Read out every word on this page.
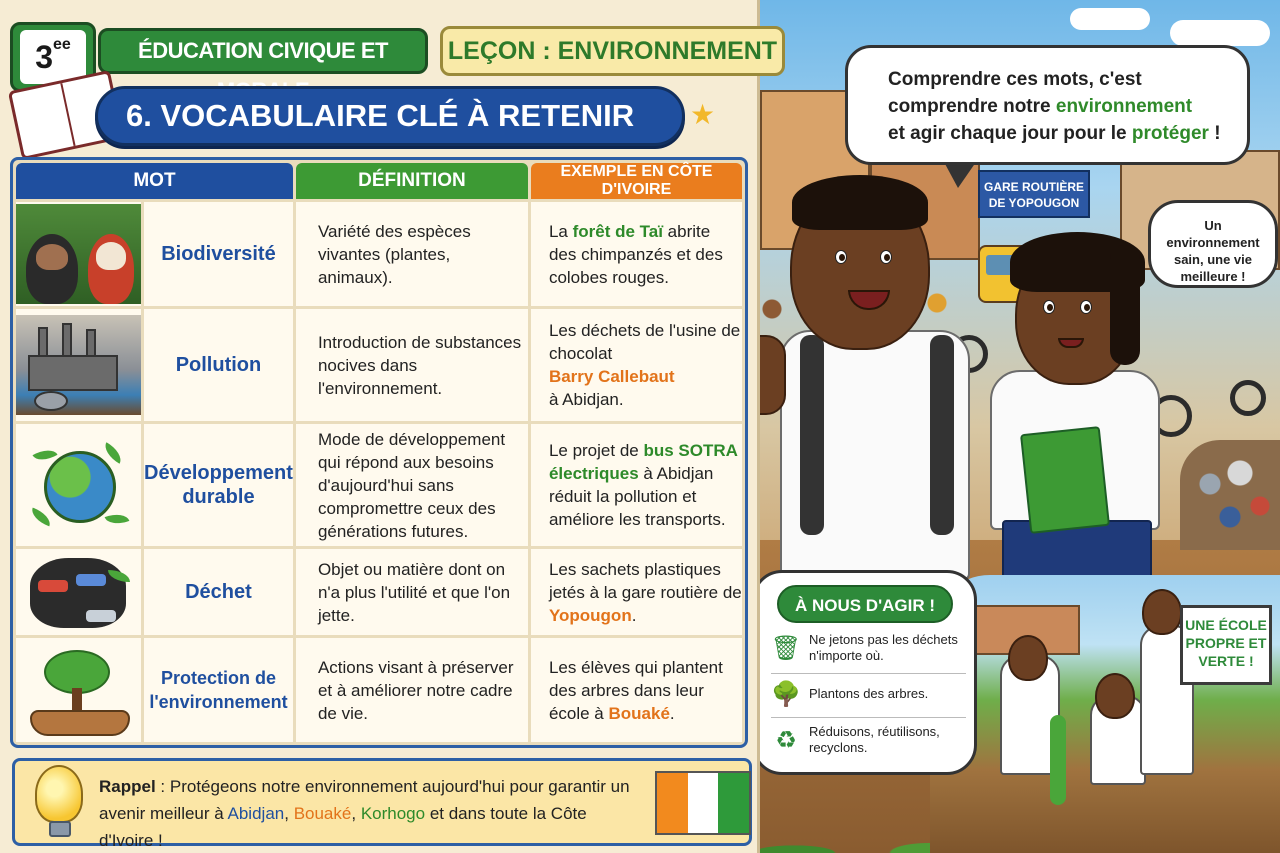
Comprendre ces mots, c'est
comprendre notre environnement
et agir chaque jour pour le protéger !
GARE ROUTIÈRE DE YOPOUGON
Un environnement sain, une vie meilleure !
UNE ÉCOLE PROPRE ET VERTE !
À NOUS D'AGIR !
🗑 Ne jetons pas les déchets n'importe où.
🌳 Plantons des arbres.
♻ Réduisons, réutilisons, recyclons.
$3^{ee}$	ÉDUCATION CIVIQUE ET	LEÇON : ENVIRONNEMENT
6. VOCABULAIRE CLÉ À RETENIR	★
MOT		DÉFINITION	EXEMPLE EN CÔTE D'IVOIRE

	Biodiversité	Variété des espèces vivantes (plantes, animaux).	La forêt de Taï abrite des chimpanzés et des colobes rouges.

	Pollution	Introduction de substances nocives dans l'environnement.	Les déchets de l'usine de chocolat
Barry Callebaut
à Abidjan.

	Développement durable	Mode de développement qui répond aux besoins d'aujourd'hui sans compromettre ceux des générations futures.	Le projet de bus SOTRA électriques à Abidjan réduit la pollution et améliore les transports.

	Déchet	Objet ou matière dont on n'a plus l'utilité et que l'on jette.	Les sachets plastiques jetés à la gare routière de Yopougon.

	Protection de l'environnement	Actions visant à préserver et à améliorer notre cadre de vie.	Les élèves qui plantent des arbres dans leur école à Bouaké.
Rappel : Protégeons notre environnement aujourd'hui pour garantir un avenir meilleur à Abidjan, Bouaké, Korhogo et dans toute la Côte d'Ivoire !
